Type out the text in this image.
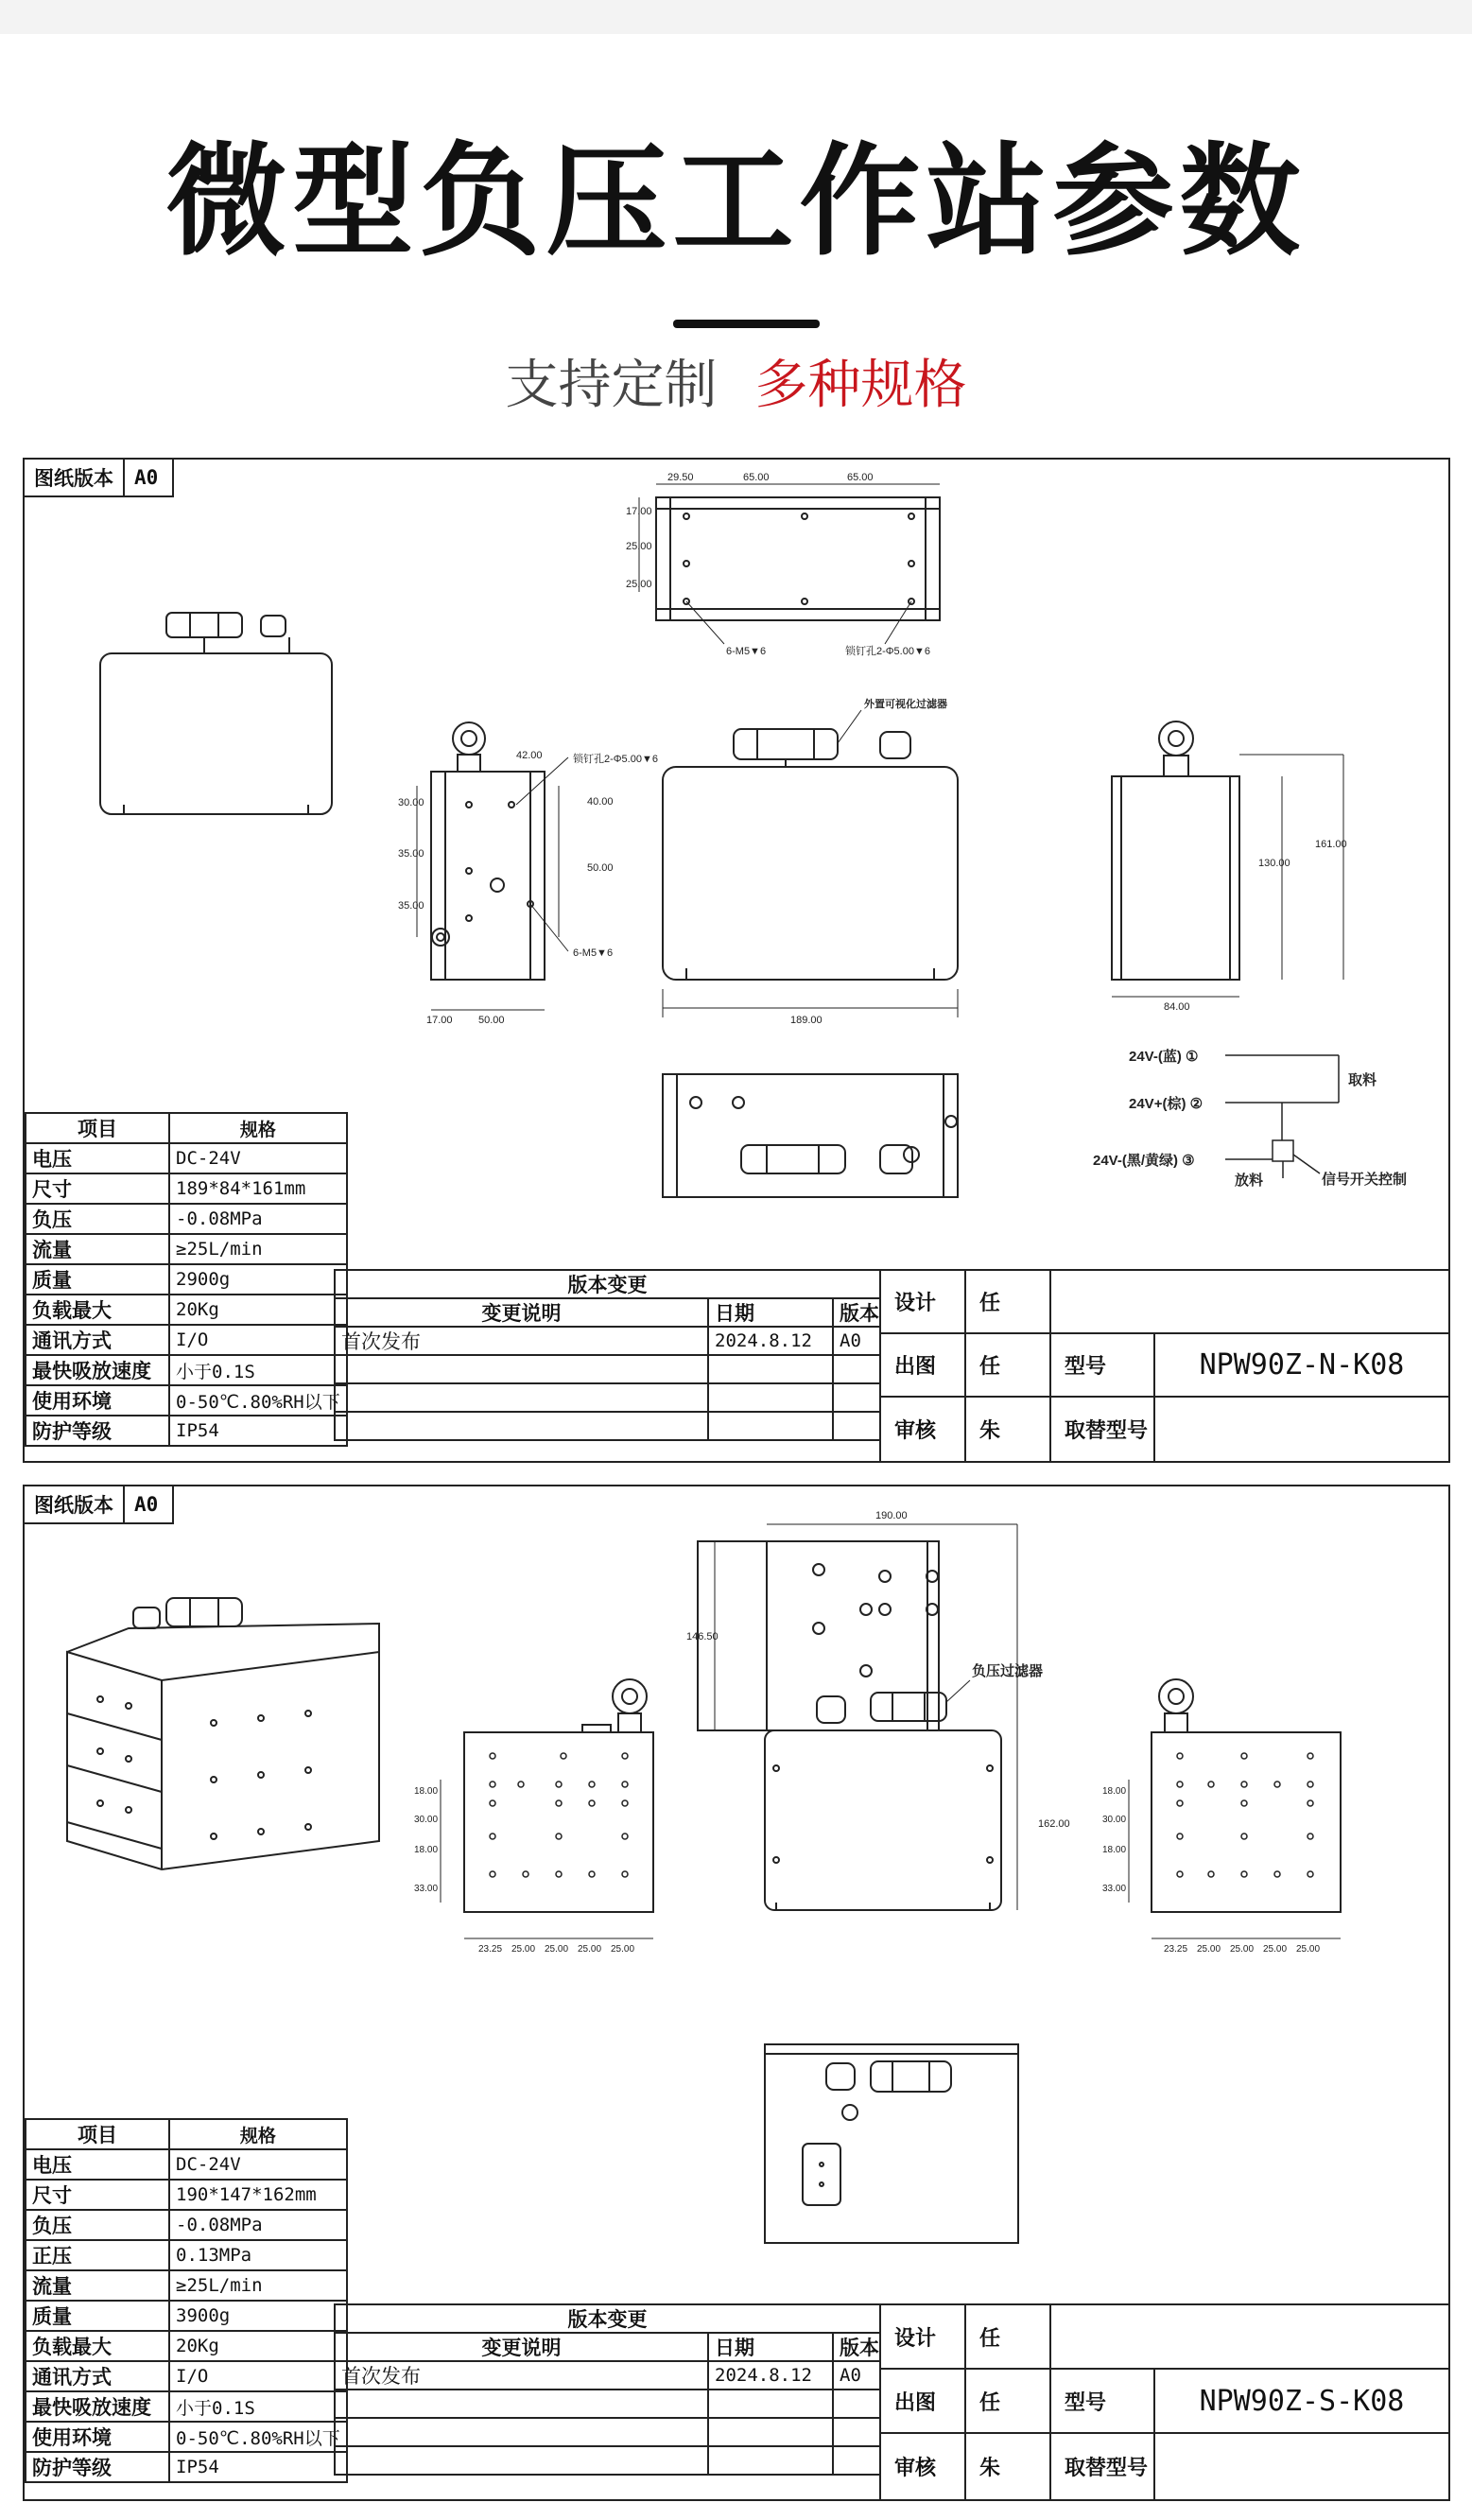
微型负压工作站参数
支持定制 多种规格
图纸版本	A0	29.50	65.00	65.00
17.00
25.00
25.00
6-M5▼6	锁钉孔2-Φ5.00▼6
42.00
30.00
35.00
35.00
40.00
50.00
17.00 50.00
锁钉孔2-Φ5.00▼6
6-M5▼6
外置可视化过滤器
189.00
161.00
130.00
84.00
24V-(蓝) ①
24V+(棕) ②
24V-(黑/黄绿) ③
取料
放料	信号开关控制
项目	规格
电压	DC-24V
尺寸	189*84*161mm
负压	-0.08MPa
流量	≥25L/min
质量	2900g
负载最大	20Kg
通讯方式	I/O
最快吸放速度	小于0.1S
使用环境	0-50℃.80%RH以下
防护等级	IP54
版本变更
变更说明	日期	版本
首次发布	2024.8.12	A0
设计	任
出图	任	型号	NPW90Z-N-K08
审核	朱	取替型号
图纸版本	A0	190.00
146.50
18.00
30.00
18.00
33.00
23.25 25.00 25.00 25.00 25.00
负压过滤器
162.00
18.00
30.00
18.00
33.00
23.25 25.00 25.00 25.00 25.00
项目	规格
电压	DC-24V
尺寸	190*147*162mm
负压	-0.08MPa
正压	0.13MPa
流量	≥25L/min
质量	3900g
负载最大	20Kg
通讯方式	I/O
最快吸放速度	小于0.1S
使用环境	0-50℃.80%RH以下
防护等级	IP54
版本变更
变更说明	日期	版本
首次发布	2024.8.12	A0
设计	任
出图	任	型号	NPW90Z-S-K08
审核	朱	取替型号
